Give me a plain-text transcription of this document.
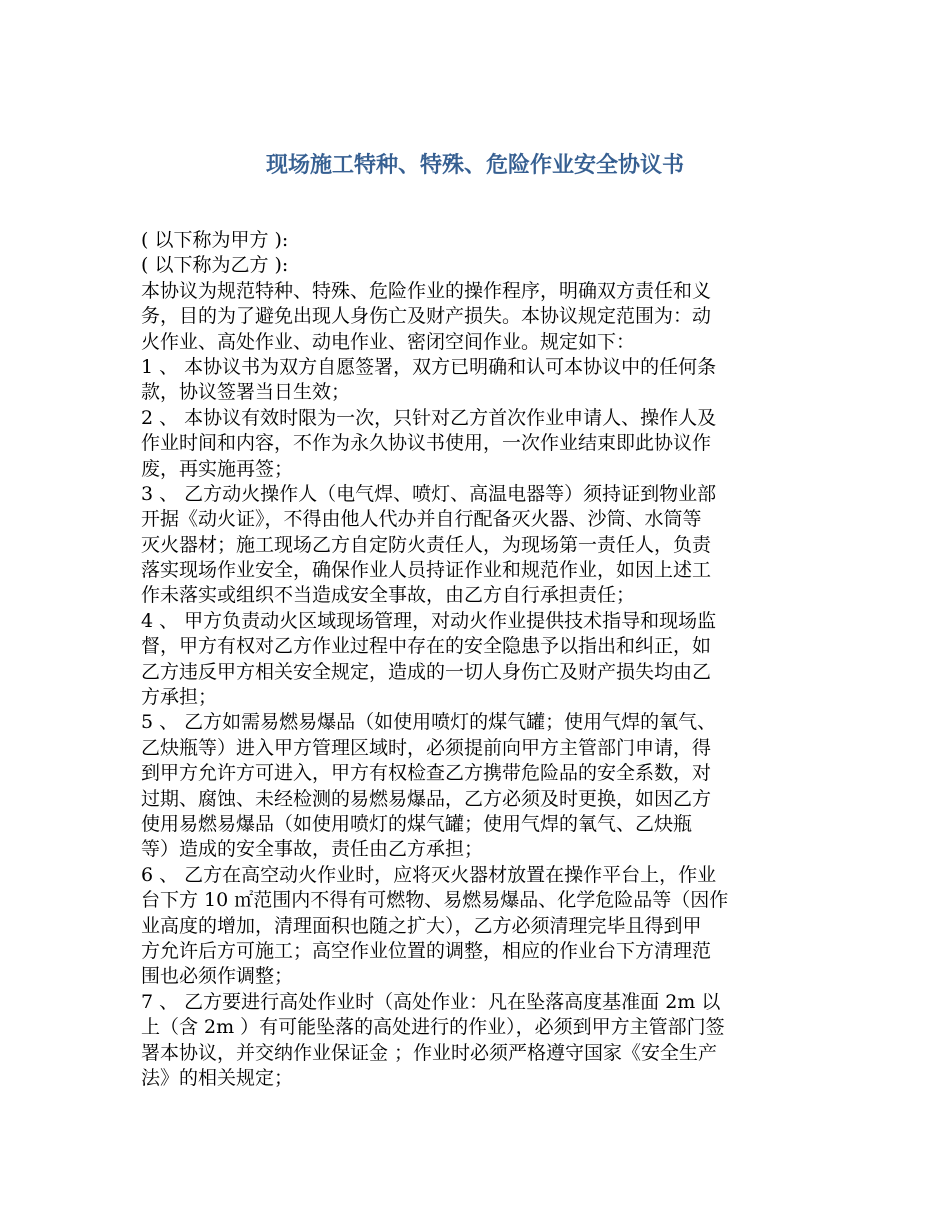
现场施工特种、特殊、危险作业安全协议书
( 以下称为甲方 ):
( 以下称为乙方 ):
本协议为规范特种、特殊、危险作业的操作程序，明确双方责任和义
务，目的为了避免出现人身伤亡及财产损失。本协议规定范围为：动
火作业、高处作业、动电作业、密闭空间作业。规定如下：
1 、 本协议书为双方自愿签署，双方已明确和认可本协议中的任何条
款，协议签署当日生效；
2 、 本协议有效时限为一次，只针对乙方首次作业申请人、操作人及
作业时间和内容，不作为永久协议书使用，一次作业结束即此协议作
废，再实施再签；
3 、 乙方动火操作人（电气焊、喷灯、高温电器等）须持证到物业部
开据《动火证》，不得由他人代办并自行配备灭火器、沙筒、水筒等
灭火器材；施工现场乙方自定防火责任人，为现场第一责任人，负责
落实现场作业安全，确保作业人员持证作业和规范作业，如因上述工
作未落实或组织不当造成安全事故，由乙方自行承担责任；
4 、 甲方负责动火区域现场管理，对动火作业提供技术指导和现场监
督，甲方有权对乙方作业过程中存在的安全隐患予以指出和纠正，如
乙方违反甲方相关安全规定，造成的一切人身伤亡及财产损失均由乙
方承担；
5 、 乙方如需易燃易爆品（如使用喷灯的煤气罐；使用气焊的氧气、
乙炔瓶等）进入甲方管理区域时，必须提前向甲方主管部门申请，得
到甲方允许方可进入，甲方有权检查乙方携带危险品的安全系数，对
过期、腐蚀、未经检测的易燃易爆品，乙方必须及时更换，如因乙方
使用易燃易爆品（如使用喷灯的煤气罐；使用气焊的氧气、乙炔瓶
等）造成的安全事故，责任由乙方承担；
6 、 乙方在高空动火作业时，应将灭火器材放置在操作平台上，作业
台下方 10 ㎡范围内不得有可燃物、易燃易爆品、化学危险品等（因作
业高度的增加，清理面积也随之扩大），乙方必须清理完毕且得到甲
方允许后方可施工；高空作业位置的调整，相应的作业台下方清理范
围也必须作调整；
7 、 乙方要进行高处作业时（高处作业：凡在坠落高度基准面 2m 以
上（含 2m ）有可能坠落的高处进行的作业），必须到甲方主管部门签
署本协议，并交纳作业保证金 ；作业时必须严格遵守国家《安全生产
法》的相关规定；
